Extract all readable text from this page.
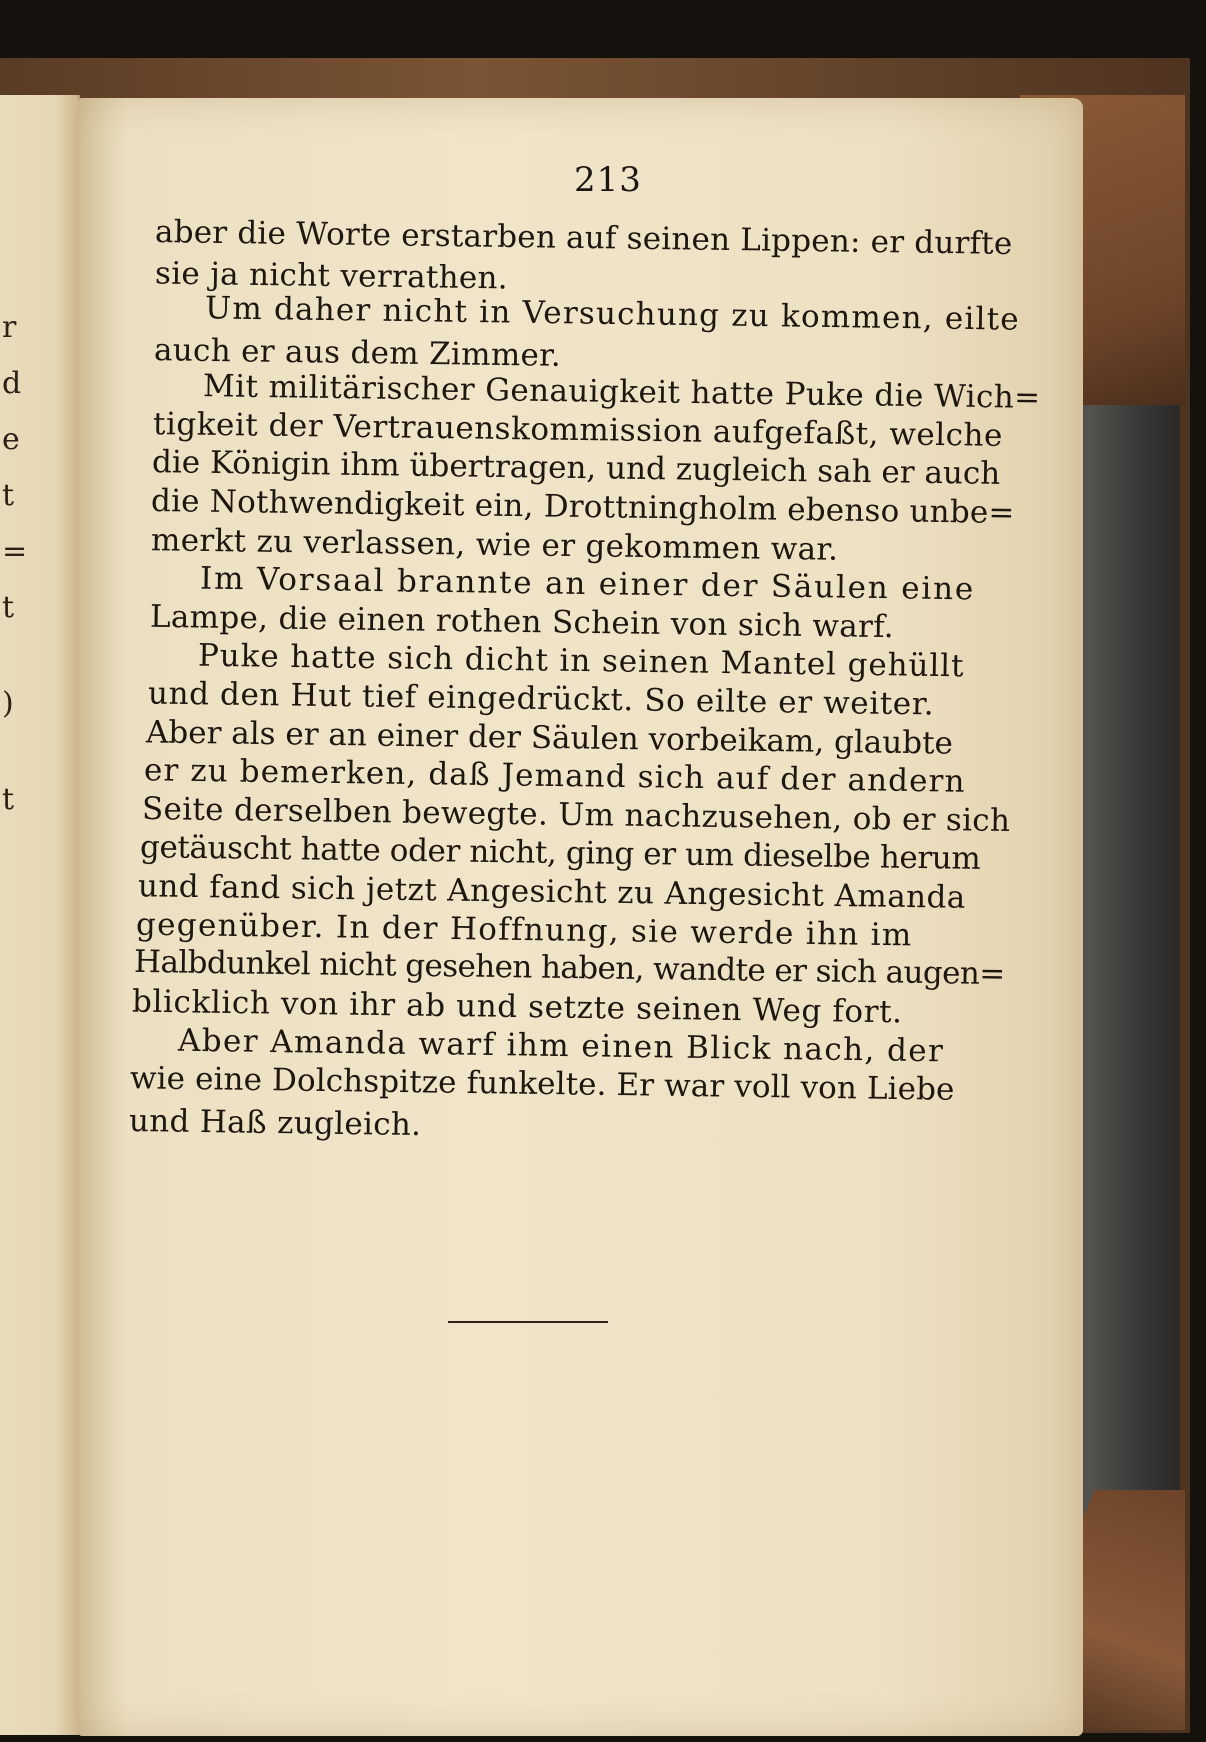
r
d
e
t
=
t
)
t
213
aber die Worte erstarben auf seinen Lippen: er durfte
sie ja nicht verrathen.
Um daher nicht in Versuchung zu kommen, eilte
auch er aus dem Zimmer.
Mit militärischer Genauigkeit hatte Puke die Wich=
tigkeit der Vertrauenskommission aufgefaßt, welche
die Königin ihm übertragen, und zugleich sah er auch
die Nothwendigkeit ein, Drottningholm ebenso unbe=
merkt zu verlassen, wie er gekommen war.
Im Vorsaal brannte an einer der Säulen eine
Lampe, die einen rothen Schein von sich warf.
Puke hatte sich dicht in seinen Mantel gehüllt
und den Hut tief eingedrückt. So eilte er weiter.
Aber als er an einer der Säulen vorbeikam, glaubte
er zu bemerken, daß Jemand sich auf der andern
Seite derselben bewegte. Um nachzusehen, ob er sich
getäuscht hatte oder nicht, ging er um dieselbe herum
und fand sich jetzt Angesicht zu Angesicht Amanda
gegenüber. In der Hoffnung, sie werde ihn im
Halbdunkel nicht gesehen haben, wandte er sich augen=
blicklich von ihr ab und setzte seinen Weg fort.
Aber Amanda warf ihm einen Blick nach, der
wie eine Dolchspitze funkelte. Er war voll von Liebe
und Haß zugleich.
